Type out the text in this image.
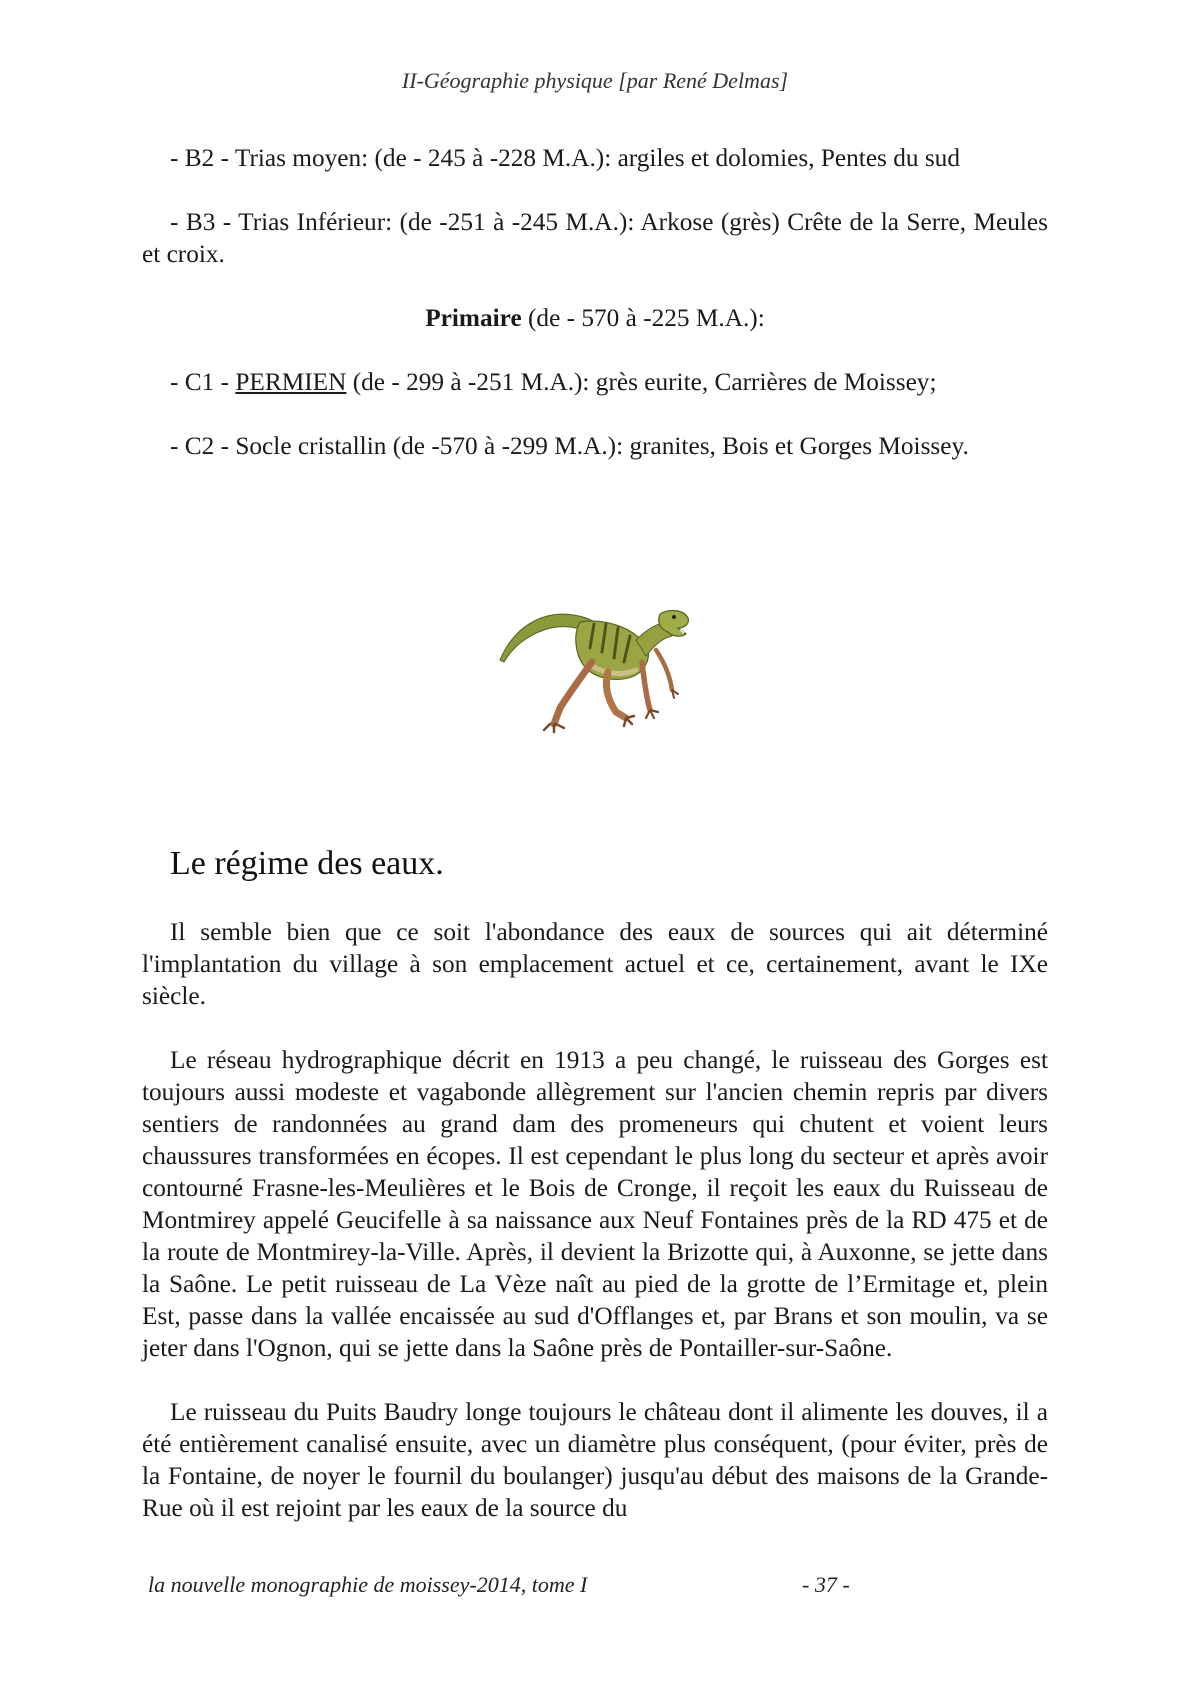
II-Géographie physique [par René Delmas]

- B2 - Trias moyen: (de - 245 à -228 M.A.): argiles et dolomies, Pentes du sud

- B3 - Trias Inférieur: (de -251 à -245 M.A.): Arkose (grès) Crête de la Serre, Meules et croix.

Primaire (de - 570 à -225 M.A.):

- C1 - PERMIEN (de - 299 à -251 M.A.): grès eurite, Carrières de Moissey;

- C2 - Socle cristallin (de -570 à -299 M.A.): granites, Bois et Gorges Moissey.

Le régime des eaux.

Il semble bien que ce soit l'abondance des eaux de sources qui ait déterminé l'implantation du village à son emplacement actuel et ce, certainement, avant le IXe siècle.

Le réseau hydrographique décrit en 1913 a peu changé, le ruisseau des Gorges est toujours aussi modeste et vagabonde allègrement sur l'ancien chemin repris par divers sentiers de randonnées au grand dam des promeneurs qui chutent et voient leurs chaussures transformées en écopes. Il est cependant le plus long du secteur et après avoir contourné Frasne-les-Meulières et le Bois de Cronge, il reçoit les eaux du Ruisseau de Montmirey appelé Geucifelle à sa naissance aux Neuf Fontaines près de la RD 475 et de la route de Montmirey-la-Ville. Après, il devient la Brizotte qui, à Auxonne, se jette dans la Saône. Le petit ruisseau de La Vèze naît au pied de la grotte de l’Ermitage et, plein Est, passe dans la vallée encaissée au sud d'Offlanges et, par Brans et son moulin, va se jeter dans l'Ognon, qui se jette dans la Saône près de Pontailler-sur-Saône.

Le ruisseau du Puits Baudry longe toujours le château dont il alimente les douves, il a été entièrement canalisé ensuite, avec un diamètre plus conséquent, (pour éviter, près de la Fontaine, de noyer le fournil du boulanger) jusqu'au début des maisons de la Grande-Rue où il est rejoint par les eaux de la source du

la nouvelle monographie de moissey-2014, tome I	- 37 -
